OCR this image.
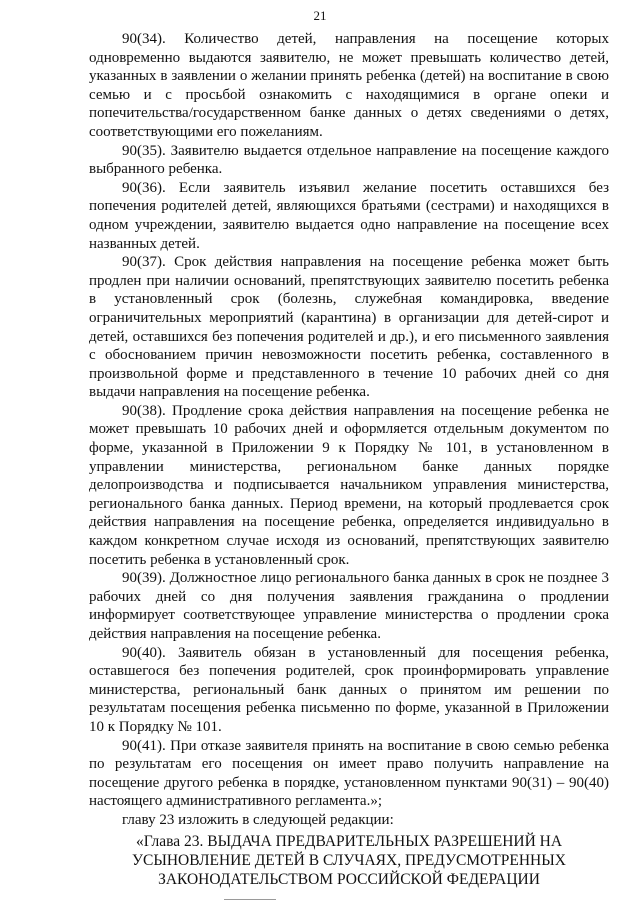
21

90(34). Количество детей, направления на посещение которых одновременно выдаются заявителю, не может превышать количество детей, указанных в заявлении о желании принять ребенка (детей) на воспитание в свою семью и с просьбой ознакомить с находящимися в органе опеки и попечительства/государственном банке данных о детях сведениями о детях, соответствующими его пожеланиям.

90(35). Заявителю выдается отдельное направление на посещение каждого выбранного ребенка.

90(36). Если заявитель изъявил желание посетить оставшихся без попечения родителей детей, являющихся братьями (сестрами) и находящихся в одном учреждении, заявителю выдается одно направление на посещение всех названных детей.

90(37). Срок действия направления на посещение ребенка может быть продлен при наличии оснований, препятствующих заявителю посетить ребенка в установленный срок (болезнь, служебная командировка, введение ограничительных мероприятий (карантина) в организации для детей-сирот и детей, оставшихся без попечения родителей и др.), и его письменного заявления с обоснованием причин невозможности посетить ребенка, составленного в произвольной форме и представленного в течение 10 рабочих дней со дня выдачи направления на посещение ребенка.

90(38). Продление срока действия направления на посещение ребенка не может превышать 10 рабочих дней и оформляется отдельным документом по форме, указанной в Приложении 9 к Порядку № 101, в установленном в управлении министерства, региональном банке данных порядке делопроизводства и подписывается начальником управления министерства, регионального банка данных. Период времени, на который продлевается срок действия направления на посещение ребенка, определяется индивидуально в каждом конкретном случае исходя из оснований, препятствующих заявителю посетить ребенка в установленный срок.

90(39). Должностное лицо регионального банка данных в срок не позднее 3 рабочих дней со дня получения заявления гражданина о продлении информирует соответствующее управление министерства о продлении срока действия направления на посещение ребенка.

90(40). Заявитель обязан в установленный для посещения ребенка, оставшегося без попечения родителей, срок проинформировать управление министерства, региональный банк данных о принятом им решении по результатам посещения ребенка письменно по форме, указанной в Приложении 10 к Порядку № 101.

90(41). При отказе заявителя принять на воспитание в свою семью ребенка по результатам его посещения он имеет право получить направление на посещение другого ребенка в порядке, установленном пунктами 90(31) – 90(40) настоящего административного регламента.»;

главу 23 изложить в следующей редакции:

«Глава 23. ВЫДАЧА ПРЕДВАРИТЕЛЬНЫХ РАЗРЕШЕНИЙ НА УСЫНОВЛЕНИЕ ДЕТЕЙ В СЛУЧАЯХ, ПРЕДУСМОТРЕННЫХ ЗАКОНОДАТЕЛЬСТВОМ РОССИЙСКОЙ ФЕДЕРАЦИИ
